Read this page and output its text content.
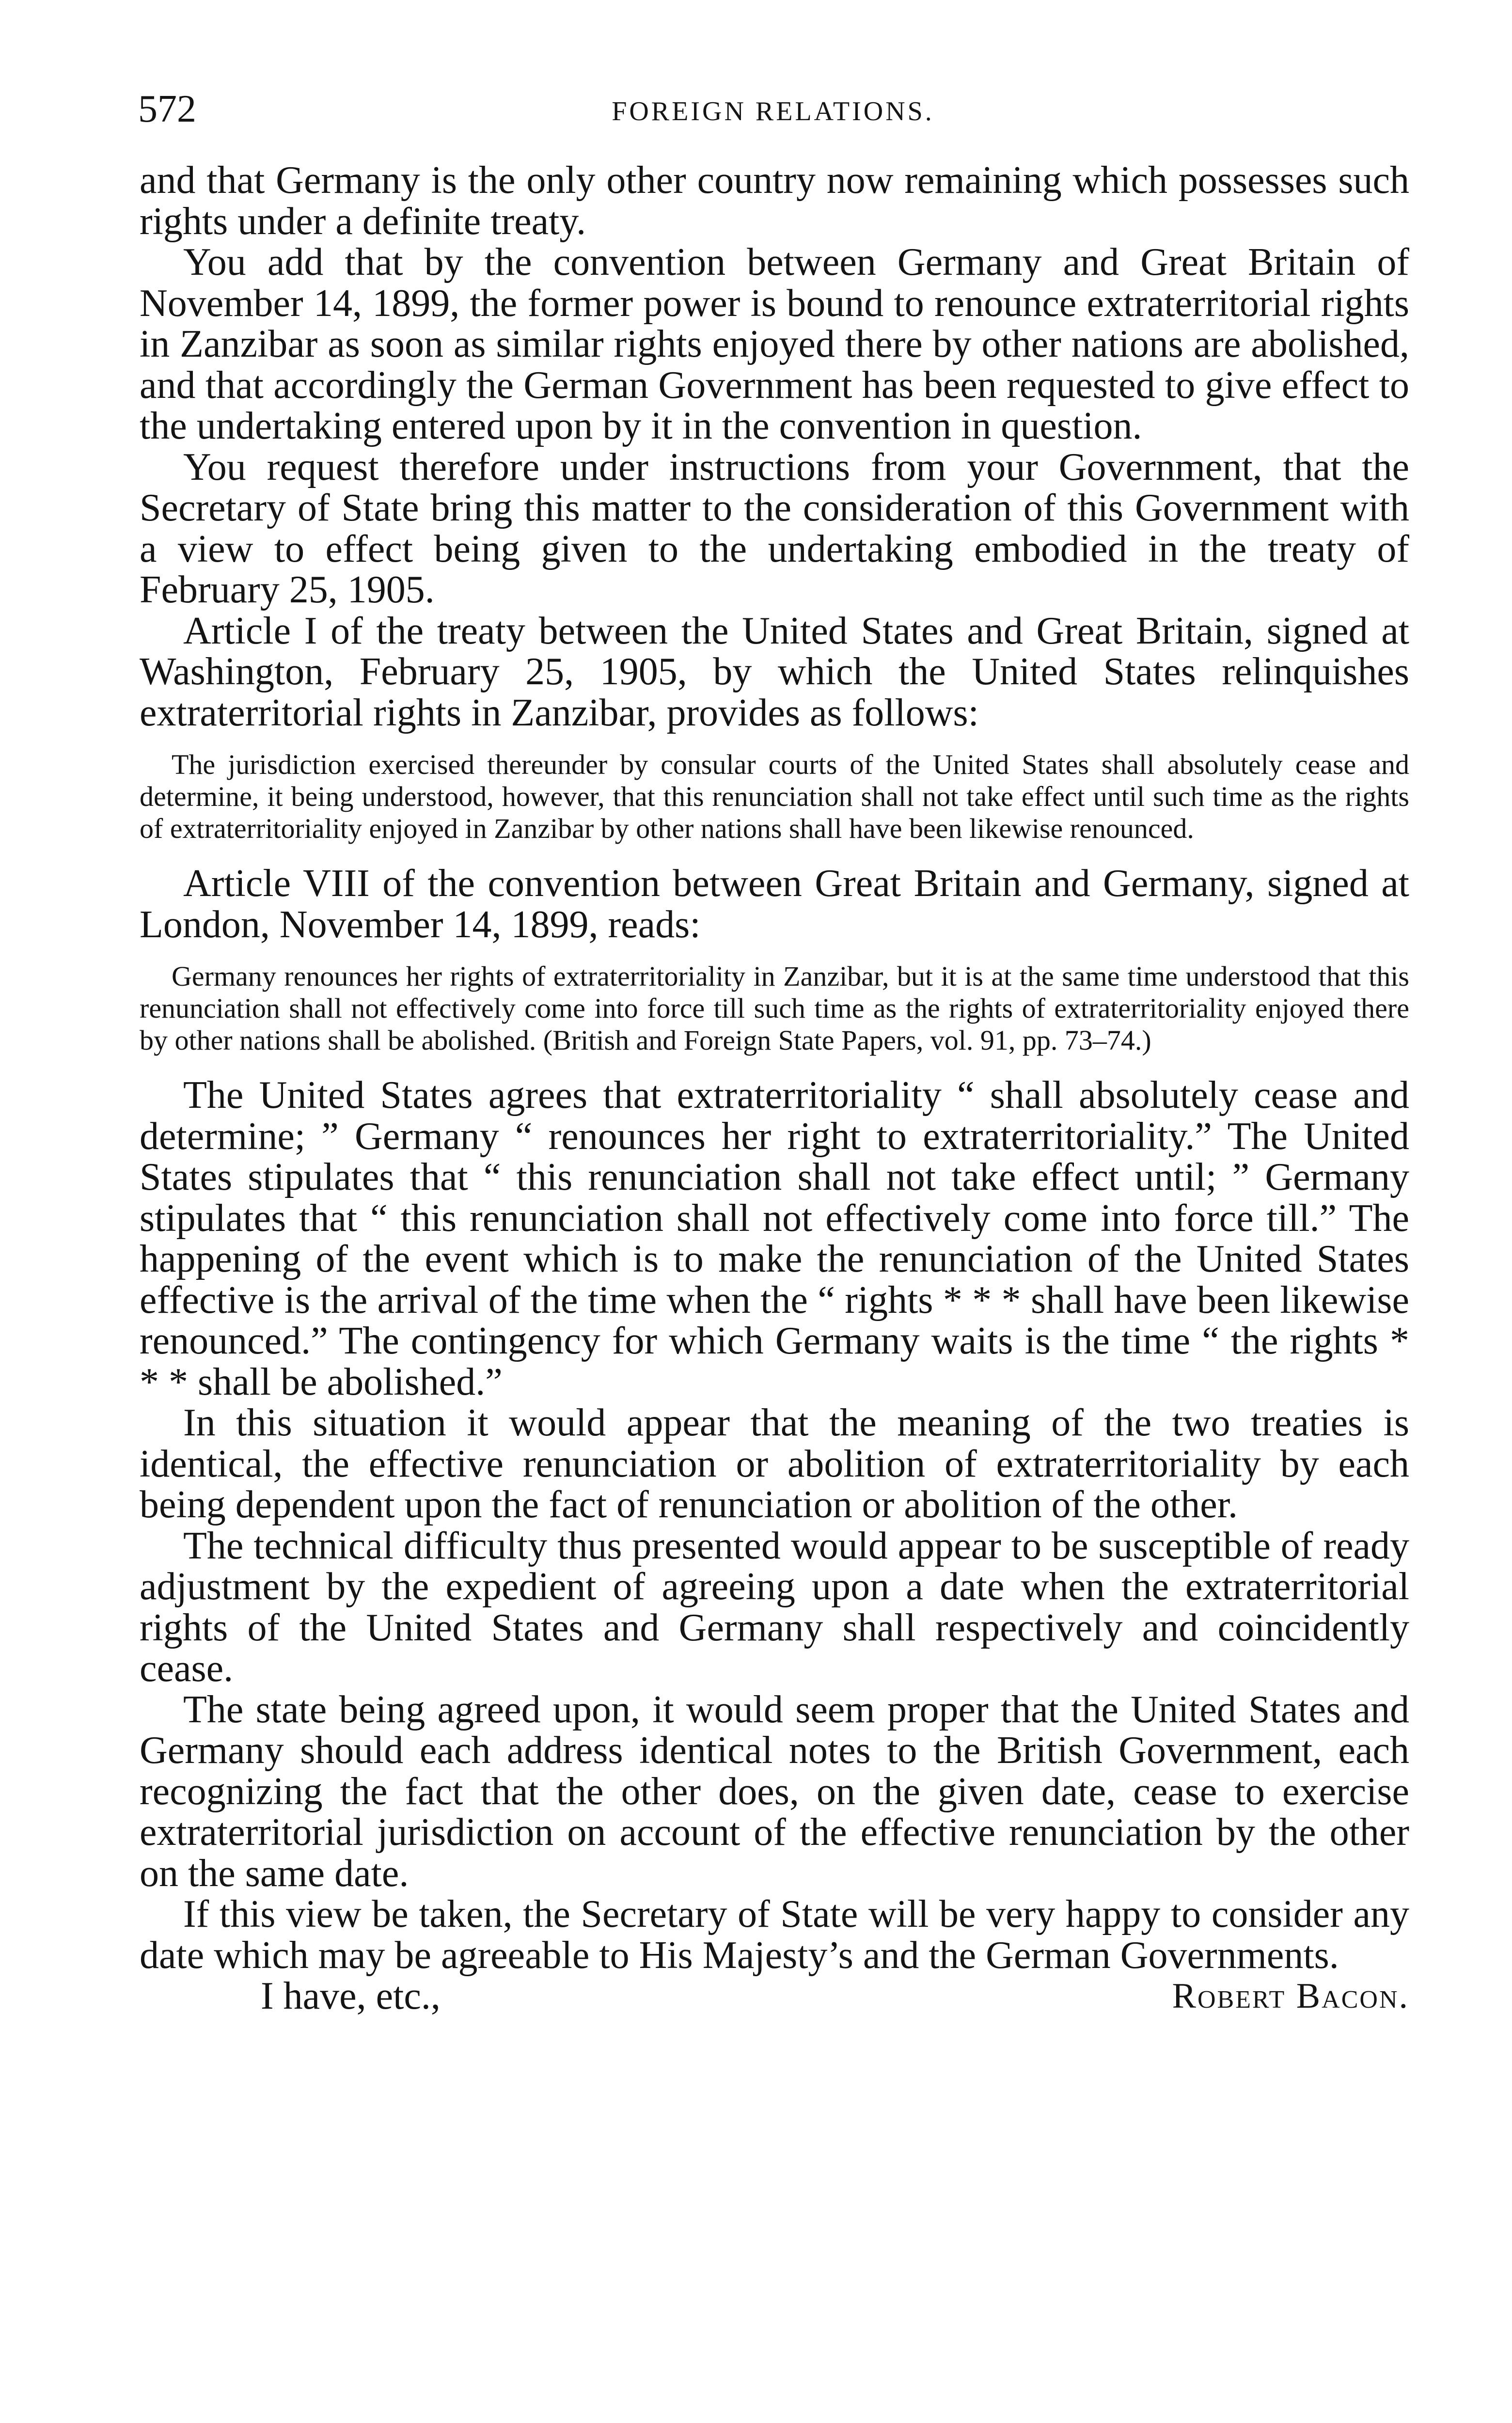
572	FOREIGN RELATIONS.

and that Germany is the only other country now remaining which possesses such rights under a definite treaty.

You add that by the convention between Germany and Great Britain of November 14, 1899, the former power is bound to renounce extraterritorial rights in Zanzibar as soon as similar rights enjoyed there by other nations are abolished, and that accordingly the German Government has been requested to give effect to the undertaking entered upon by it in the convention in question.

You request therefore under instructions from your Government, that the Secretary of State bring this matter to the consideration of this Government with a view to effect being given to the undertaking embodied in the treaty of February 25, 1905.

Article I of the treaty between the United States and Great Britain, signed at Washington, February 25, 1905, by which the United States relinquishes extraterritorial rights in Zanzibar, provides as follows:

The jurisdiction exercised thereunder by consular courts of the United States shall absolutely cease and determine, it being understood, however, that this renunciation shall not take effect until such time as the rights of extraterritoriality enjoyed in Zanzibar by other nations shall have been likewise renounced.

Article VIII of the convention between Great Britain and Germany, signed at London, November 14, 1899, reads:

Germany renounces her rights of extraterritoriality in Zanzibar, but it is at the same time understood that this renunciation shall not effectively come into force till such time as the rights of extraterritoriality enjoyed there by other nations shall be abolished. (British and Foreign State Papers, vol. 91, pp. 73–74.)

The United States agrees that extraterritoriality “ shall absolutely cease and determine; ” Germany “ renounces her right to extraterritoriality.” The United States stipulates that “ this renunciation shall not take effect until; ” Germany stipulates that “ this renunciation shall not effectively come into force till.” The happening of the event which is to make the renunciation of the United States effective is the arrival of the time when the “ rights * * * shall have been likewise renounced.” The contingency for which Germany waits is the time “ the rights * * * shall be abolished.”

In this situation it would appear that the meaning of the two treaties is identical, the effective renunciation or abolition of extraterritoriality by each being dependent upon the fact of renunciation or abolition of the other.

The technical difficulty thus presented would appear to be susceptible of ready adjustment by the expedient of agreeing upon a date when the extraterritorial rights of the United States and Germany shall respectively and coincidently cease.

The state being agreed upon, it would seem proper that the United States and Germany should each address identical notes to the British Government, each recognizing the fact that the other does, on the given date, cease to exercise extraterritorial jurisdiction on account of the effective renunciation by the other on the same date.

If this view be taken, the Secretary of State will be very happy to consider any date which may be agreeable to His Majesty’s and the German Governments.

I have, etc.,	Robert Bacon.
